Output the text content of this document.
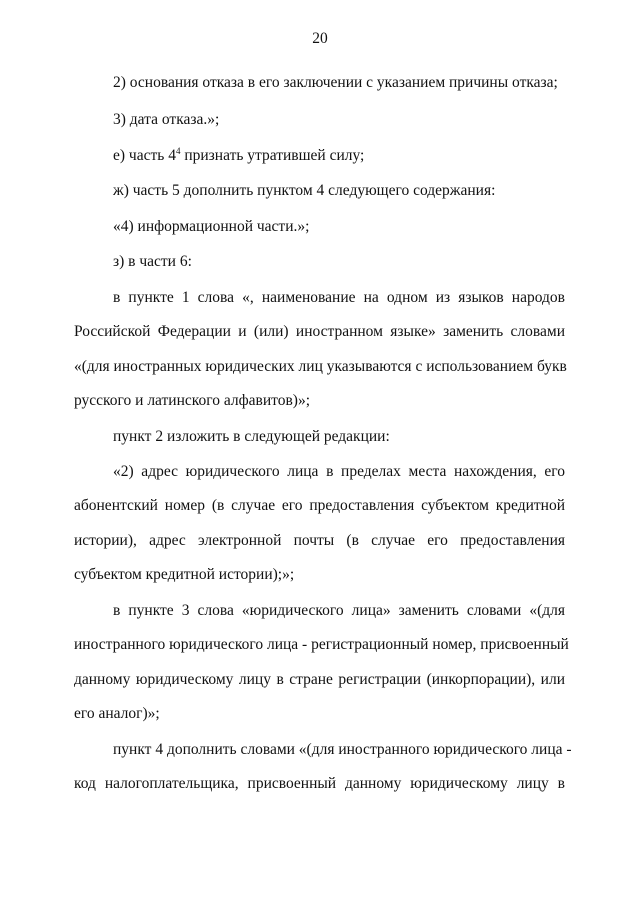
20
2) основания отказа в его заключении с указанием причины отказа;
3) дата отказа.»;
е) часть $4^4$ признать утратившей силу;
ж) часть 5 дополнить пунктом 4 следующего содержания:
«4) информационной части.»;
з) в части 6:
в пункте 1 слова «, наименование на одном из языков народов
Российской Федерации и (или) иностранном языке» заменить словами
«(для иностранных юридических лиц указываются с использованием букв
русского и латинского алфавитов)»;
пункт 2 изложить в следующей редакции:
«2) адрес юридического лица в пределах места нахождения, его
абонентский номер (в случае его предоставления субъектом кредитной
истории), адрес электронной почты (в случае его предоставления
субъектом кредитной истории);»;
в пункте 3 слова «юридического лица» заменить словами «(для
иностранного юридического лица - регистрационный номер, присвоенный
данному юридическому лицу в стране регистрации (инкорпорации), или
его аналог)»;
пункт 4 дополнить словами «(для иностранного юридического лица -
код налогоплательщика, присвоенный данному юридическому лицу в
